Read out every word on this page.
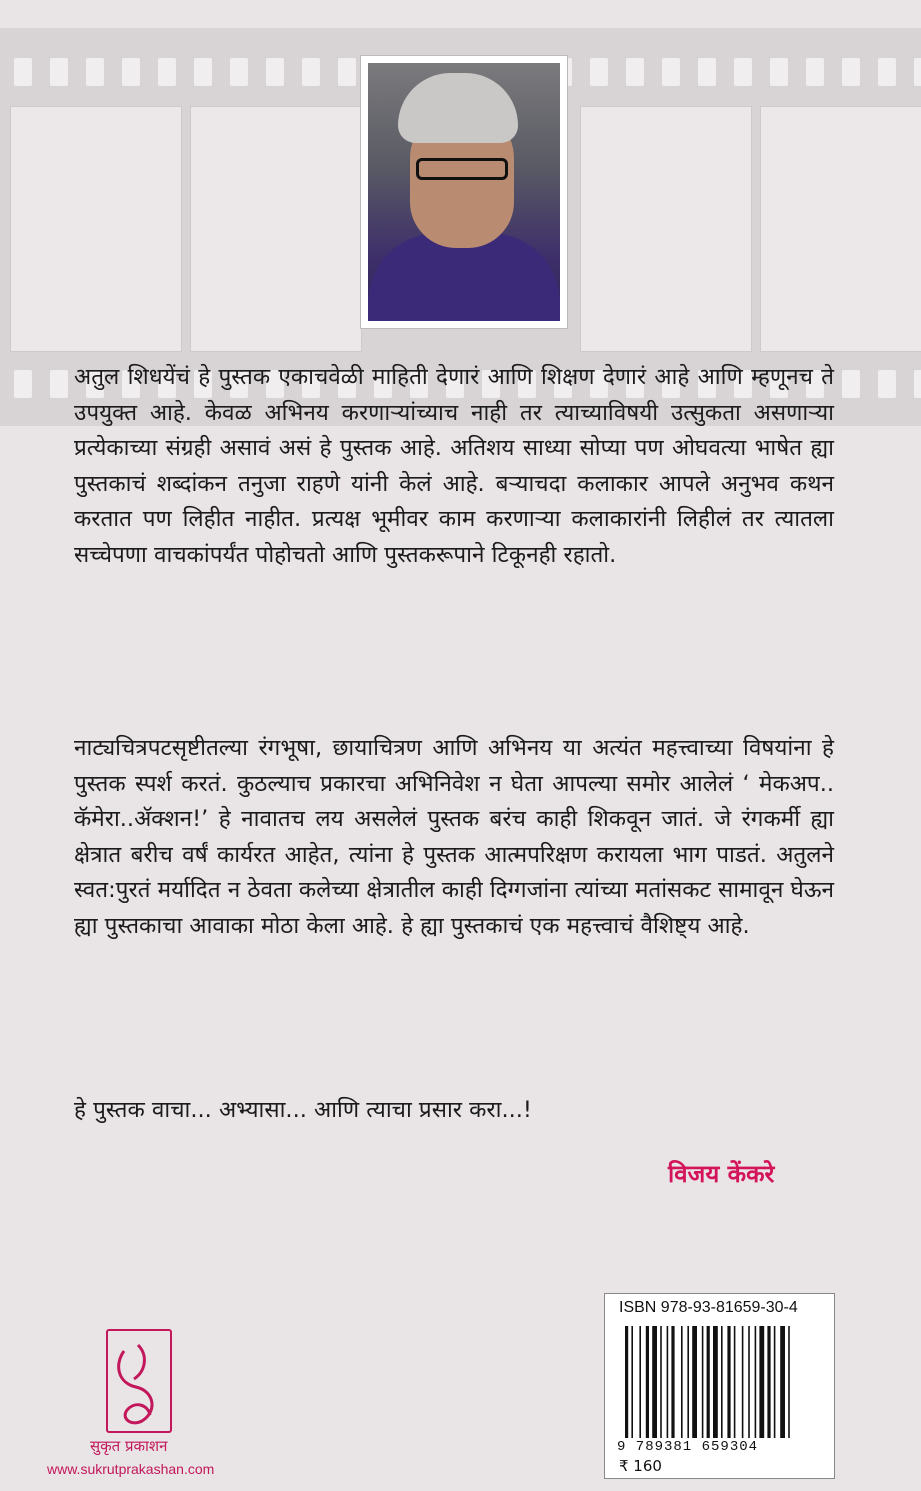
अतुल शिधयेंचं हे पुस्तक एकाचवेळी माहिती देणारं आणि शिक्षण देणारं आहे आणि म्हणूनच ते उपयुक्त आहे. केवळ अभिनय करणाऱ्यांच्याच नाही तर त्याच्याविषयी उत्सुकता असणाऱ्या प्रत्येकाच्या संग्रही असावं असं हे पुस्तक आहे. अतिशय साध्या सोप्या पण ओघवत्या भाषेत ह्या पुस्तकाचं शब्दांकन तनुजा राहणे यांनी केलं आहे. बऱ्याचदा कलाकार आपले अनुभव कथन करतात पण लिहीत नाहीत. प्रत्यक्ष भूमीवर काम करणाऱ्या कलाकारांनी लिहीलं तर त्यातला सच्चेपणा वाचकांपर्यंत पोहोचतो आणि पुस्तकरूपाने टिकूनही रहातो.
नाट्यचित्रपटसृष्टीतल्या रंगभूषा, छायाचित्रण आणि अभिनय या अत्यंत महत्त्वाच्या विषयांना हे पुस्तक स्पर्श करतं. कुठल्याच प्रकारचा अभिनिवेश न घेता आपल्या समोर आलेलं ‘ मेकअप.. कॅमेरा..ॲक्शन!’ हे नावातच लय असलेलं पुस्तक बरंच काही शिकवून जातं. जे रंगकर्मी ह्या क्षेत्रात बरीच वर्षं कार्यरत आहेत, त्यांना हे पुस्तक आत्मपरिक्षण करायला भाग पाडतं. अतुलने स्वत:पुरतं मर्यादित न ठेवता कलेच्या क्षेत्रातील काही दिग्गजांना त्यांच्या मतांसकट सामावून घेऊन ह्या पुस्तकाचा आवाका मोठा केला आहे. हे ह्या पुस्तकाचं एक महत्त्वाचं वैशिष्ट्य आहे.
हे पुस्तक वाचा... अभ्यासा... आणि त्याचा प्रसार करा...!
विजय केंकरे
सुकृत प्रकाशन
www.sukrutprakashan.com
ISBN 978-93-81659-30-4
9 789381 659304
₹ 160
